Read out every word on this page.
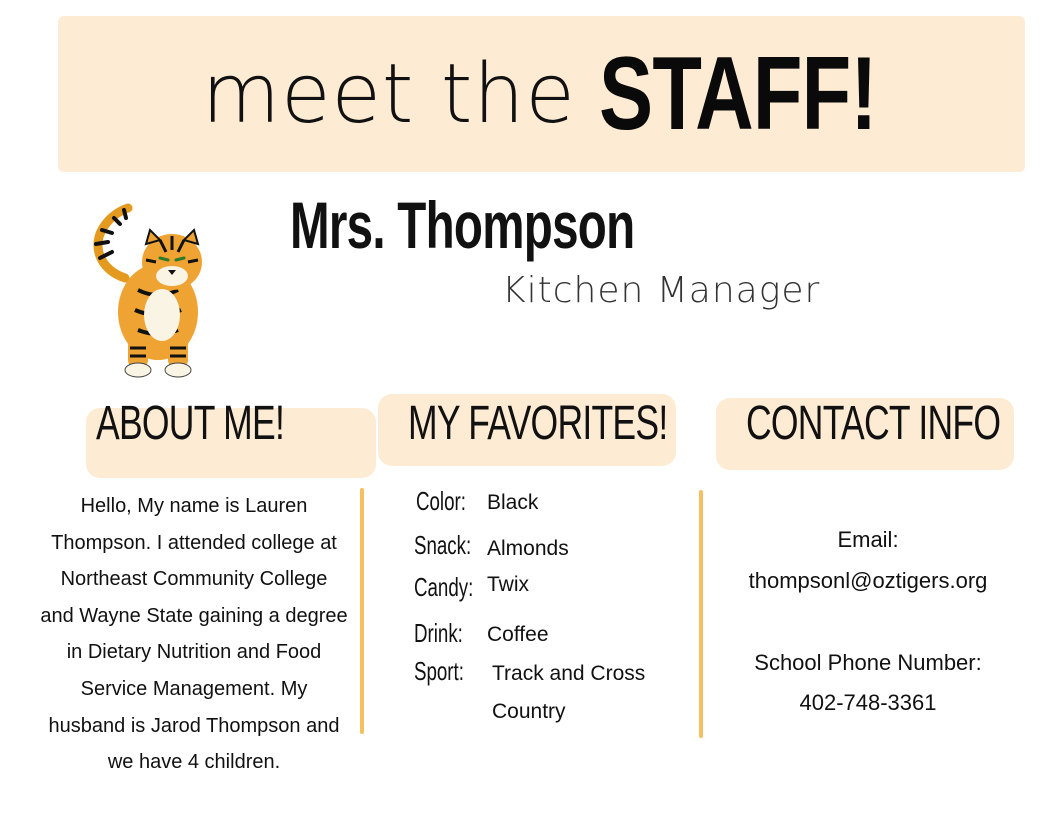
meet the STAFF!
Mrs. Thompson
Kitchen Manager
ABOUT ME!	MY FAVORITES! CONTACT INFO
Hello, My name is Lauren
Thompson. I attended college at
Northeast Community College
and Wayne State gaining a degree
in Dietary Nutrition and Food
Service Management. My
husband is Jarod Thompson and
we have 4 children.
Color: Black
Snack: Almonds
Candy: Twix
Drink: Coffee
Sport: Track and Cross
Country
Email:
thompsonl@oztigers.org
School Phone Number:
402-748-3361
